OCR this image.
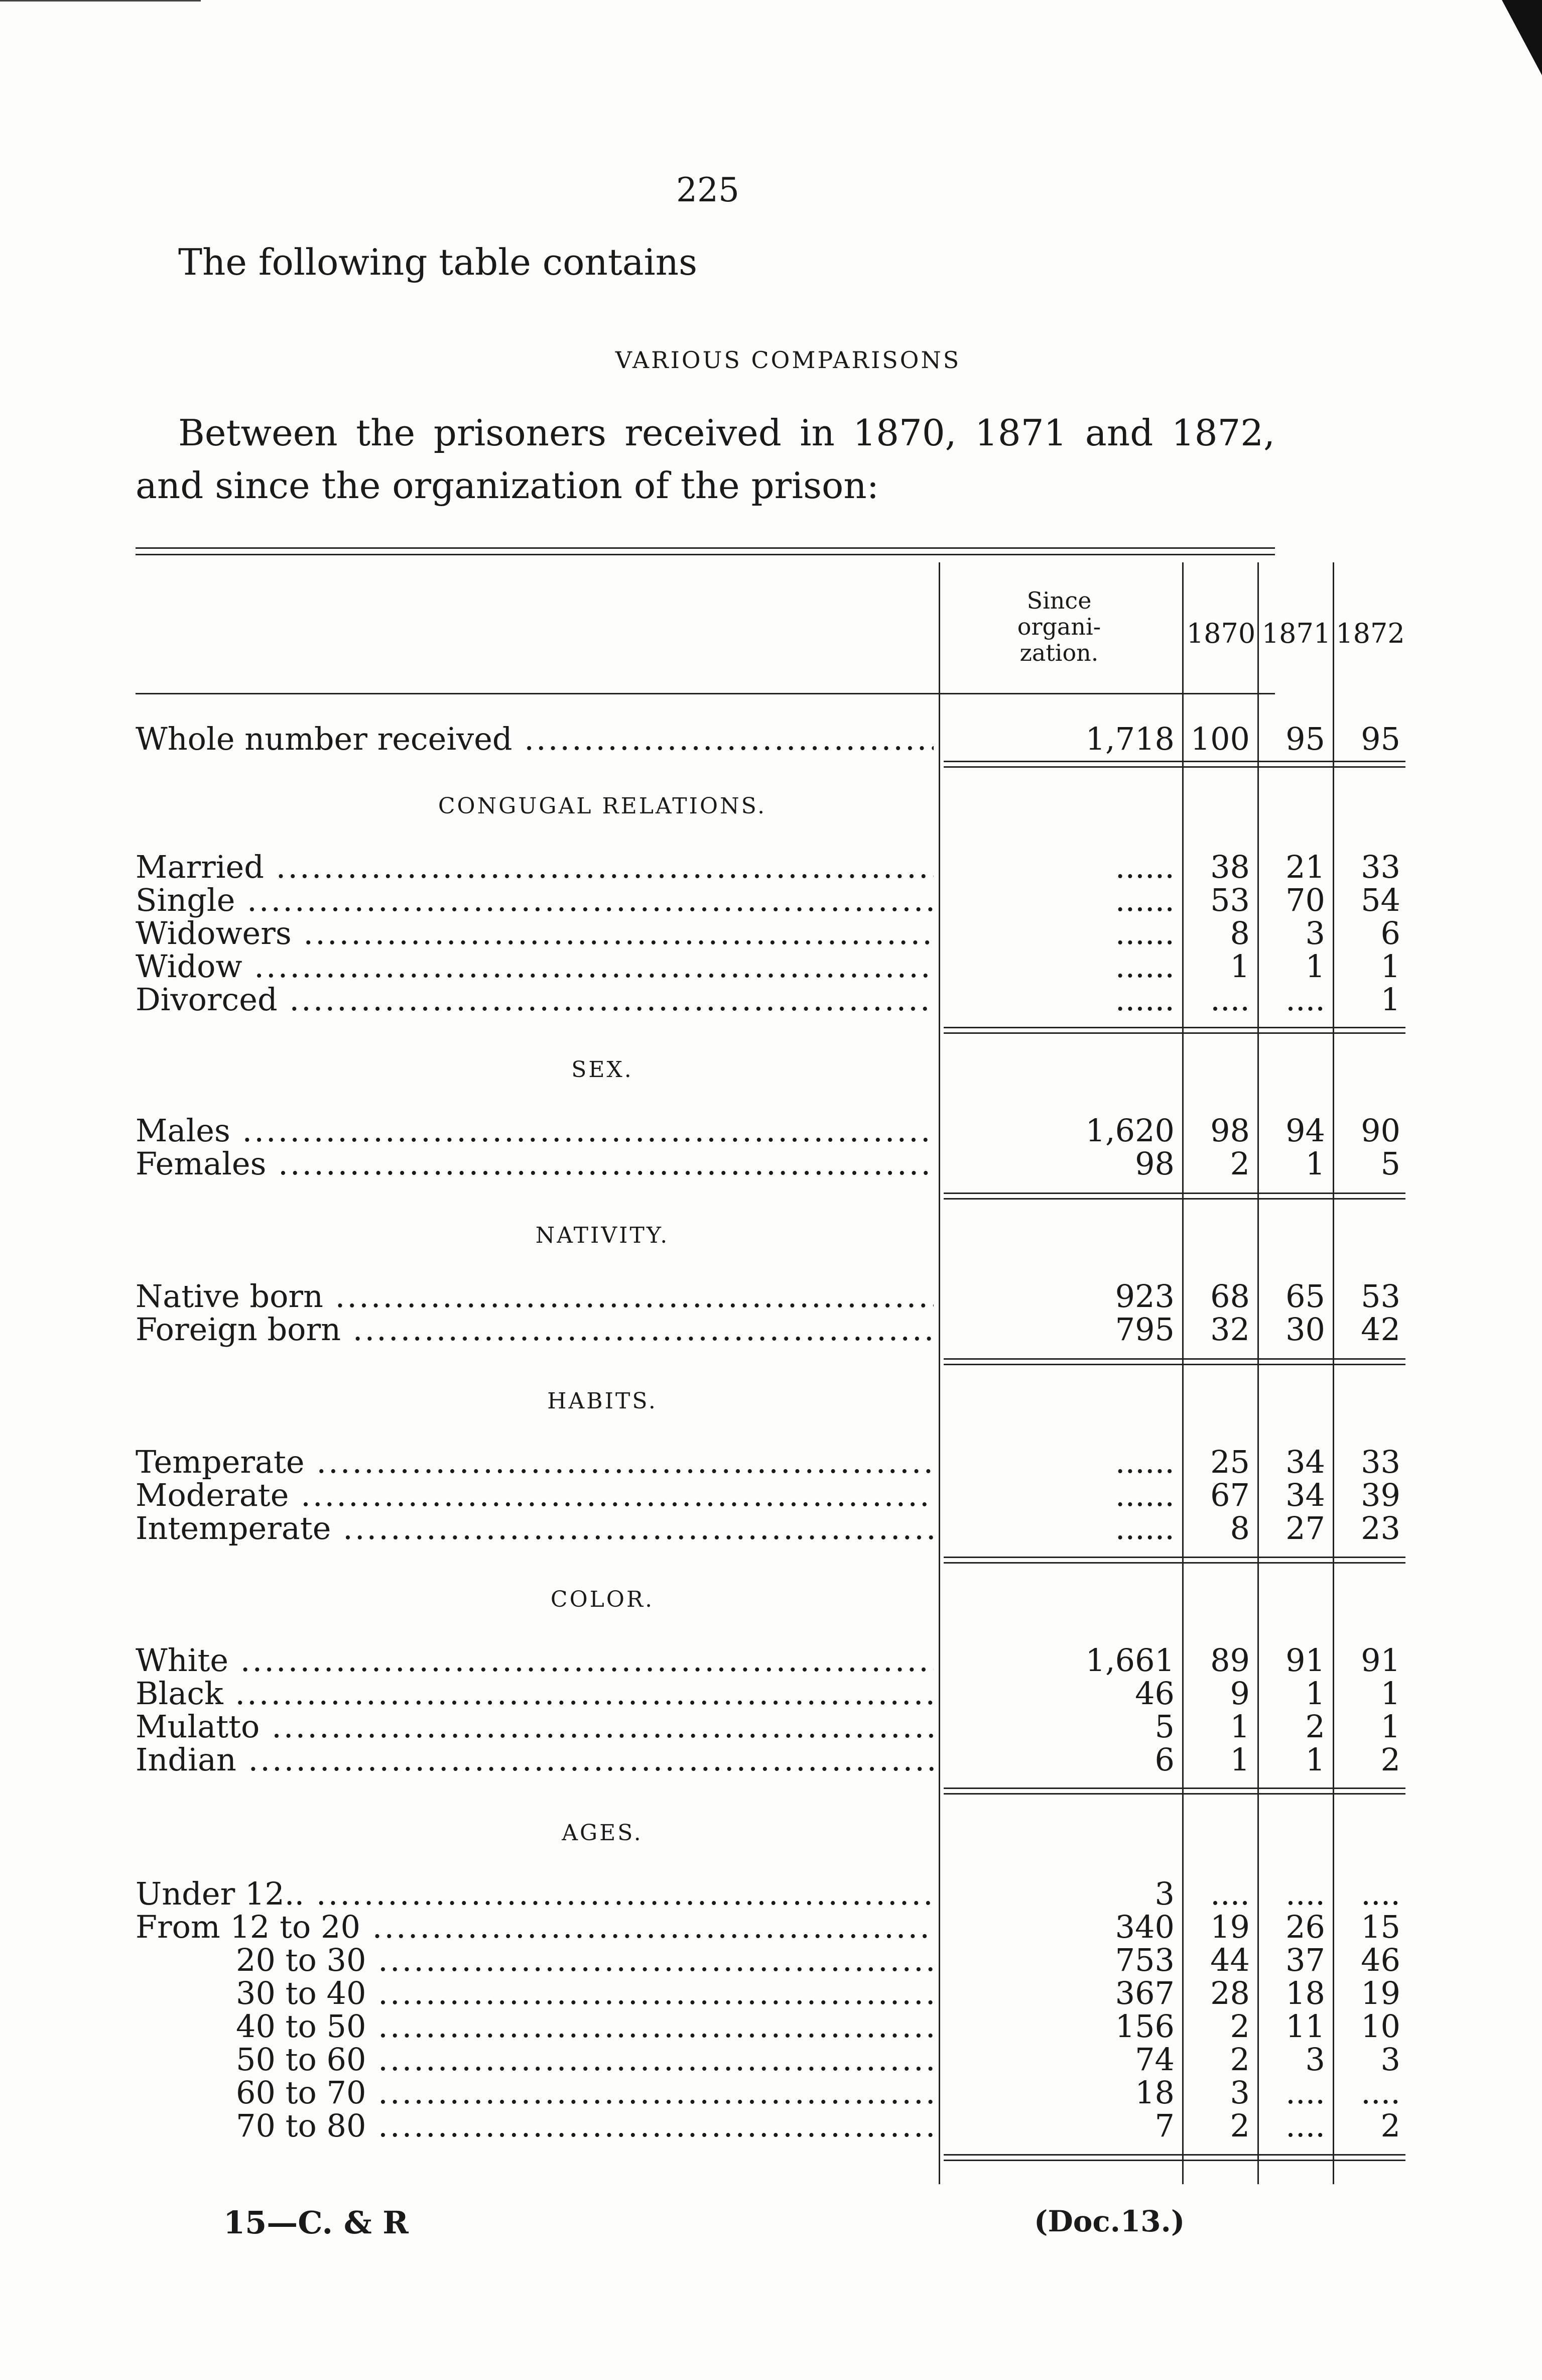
225
The following table contains
VARIOUS COMPARISONS
Between the prisoners received in 1870, 1871 and 1872, and since the organization of the prison:
Since
organi-
zation.
1870 1871 1872
Whole number received .....	1,718 100	95	95
CONGUGAL RELATIONS.
Married .....	......	38	21	33
Single .....	......	53	70	54
Widowers .....	......	8	3	6
Widow .....	......	1	1	1
Divorced .....	......	....	....	1
SEX.
Males .....	1,620	98	94	90
Females .....	98	2	1	5
NATIVITY.
Native born .....	923	68	65	53
Foreign born .....	795	32	30	42
HABITS.
Temperate .....	......	25	34	33
Moderate .....	......	67	34	39
Intemperate .....	......	8	27	23
COLOR.
White .....	1,661	89	91	91
Black .....	46	9	1	1
Mulatto .....	5	1	2	1
Indian .....	6	1	1	2
AGES.
Under 12.. .....	3	....	....	....
From 12 to 20 .....	340	19	26	15
20 to 30 .....	753	44	37	46
30 to 40 .....	367	28	18	19
40 to 50 .....	156	2	11	10
50 to 60 .....	74	2	3	3
60 to 70 .....	18	3	....	....
70 to 80 .....	7	2	....	2
15—C. & R	(Doc.13.)
